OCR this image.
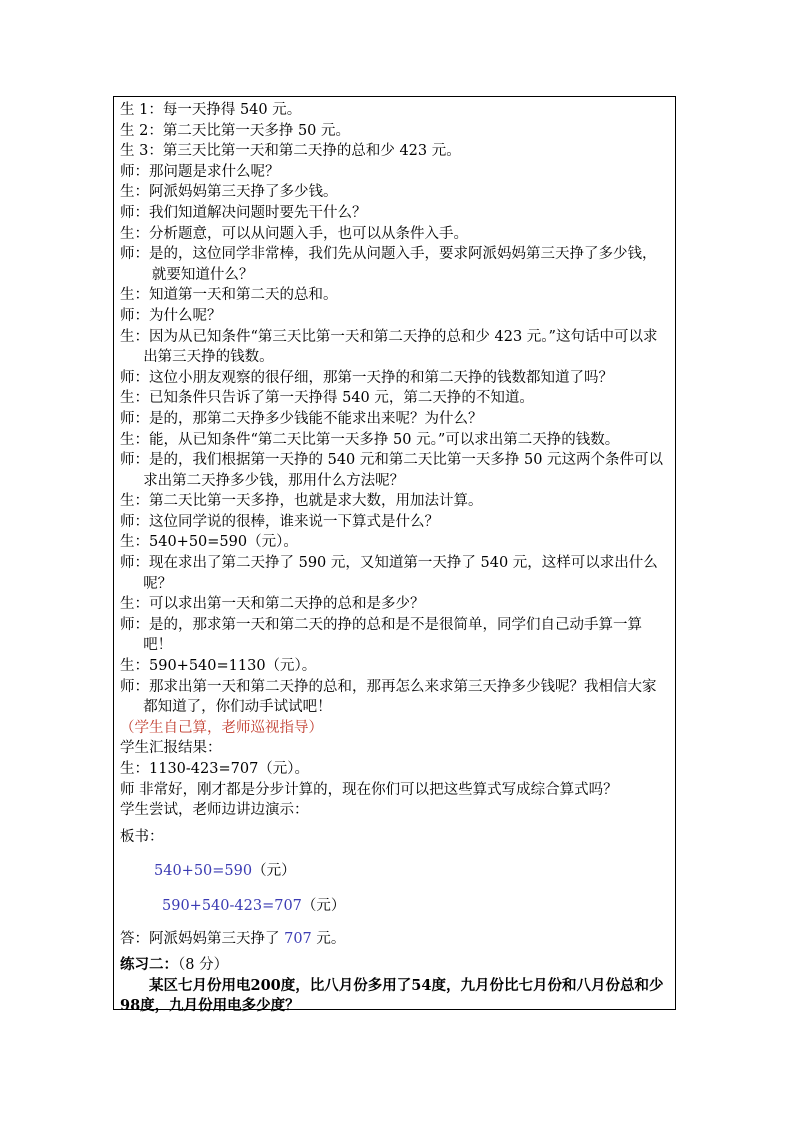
生 1：每一天挣得 540 元。
生 2：第二天比第一天多挣 50 元。
生 3：第三天比第一天和第二天挣的总和少 423 元。
师：那问题是求什么呢？
生：阿派妈妈第三天挣了多少钱。
师：我们知道解决问题时要先干什么？
生：分析题意，可以从问题入手，也可以从条件入手。
师：是的，这位同学非常棒，我们先从问题入手，要求阿派妈妈第三天挣了多少钱，就要知道什么？
生：知道第一天和第二天的总和。
师：为什么呢？
生：因为从已知条件“第三天比第一天和第二天挣的总和少 423 元。”这句话中可以求出第三天挣的钱数。
师：这位小朋友观察的很仔细，那第一天挣的和第二天挣的钱数都知道了吗？
生：已知条件只告诉了第一天挣得 540 元，第二天挣的不知道。
师：是的，那第二天挣多少钱能不能求出来呢？为什么？
生：能，从已知条件“第二天比第一天多挣 50 元。”可以求出第二天挣的钱数。
师：是的，我们根据第一天挣的 540 元和第二天比第一天多挣 50 元这两个条件可以求出第二天挣多少钱，那用什么方法呢？
生：第二天比第一天多挣，也就是求大数，用加法计算。
师：这位同学说的很棒，谁来说一下算式是什么？
生：540+50=590（元）。
师：现在求出了第二天挣了 590 元，又知道第一天挣了 540 元，这样可以求出什么呢？
生：可以求出第一天和第二天挣的总和是多少？
师：是的，那求第一天和第二天的挣的总和是不是很简单，同学们自己动手算一算吧！
生：590+540=1130（元）。
师：那求出第一天和第二天挣的总和，那再怎么来求第三天挣多少钱呢？我相信大家都知道了，你们动手试试吧！
（学生自己算，老师巡视指导）
学生汇报结果：
生：1130-423=707（元）。
师 非常好，刚才都是分步计算的，现在你们可以把这些算式写成综合算式吗？
学生尝试，老师边讲边演示：
板书：
540+50=590（元）
590+540-423=707（元）
答：阿派妈妈第三天挣了 707 元。
练习二：（8 分）
某区七月份用电200度，比八月份多用了54度，九月份比七月份和八月份总和少98度，九月份用电多少度？
